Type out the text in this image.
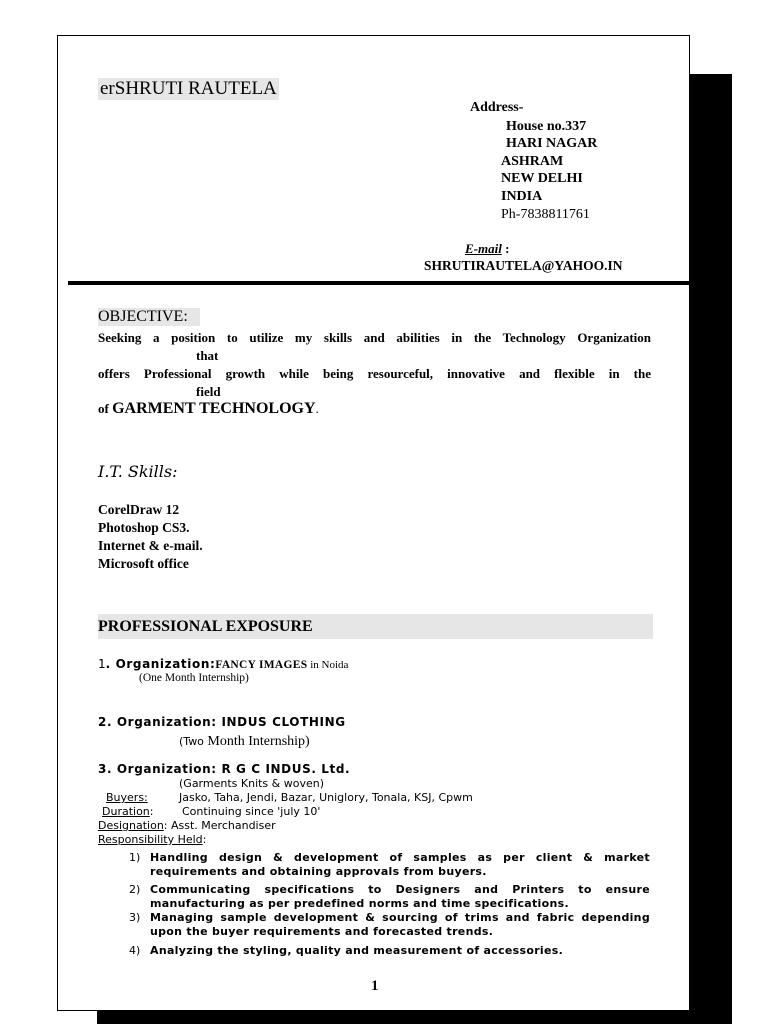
erSHRUTI RAUTELA
Address-
House no.337
HARI NAGAR
ASHRAM
NEW DELHI
INDIA
Ph-7838811761
E-mail :
SHRUTIRAUTELA@YAHOO.IN
OBJECTIVE:
Seeking a position to utilize my skills and abilities in the Technology Organization
that
offers Professional growth while being resourceful, innovative and flexible in the
field
of GARMENT TECHNOLOGY.
I.T. Skills:
CorelDraw 12
Photoshop CS3.
Internet & e-mail.
Microsoft office
PROFESSIONAL EXPOSURE
1. Organization:FANCY IMAGES in Noida
(One Month Internship)
2. Organization: INDUS CLOTHING
(Two Month Internship)
3. Organization: R G C INDUS. Ltd.
(Garments Knits & woven)
Buyers:	Jasko, Taha, Jendi, Bazar, Uniglory, Tonala, KSJ, Cpwm
Duration:	Continuing since 'july 10'
Designation: Asst. Merchandiser
Responsibility Held:
1) Handling design & development of samples as per client & market
requirements and obtaining approvals from buyers.
2) Communicating specifications to Designers and Printers to ensure
manufacturing as per predefined norms and time specifications.
3) Managing sample development & sourcing of trims and fabric depending
upon the buyer requirements and forecasted trends.
4) Analyzing the styling, quality and measurement of accessories.
1
